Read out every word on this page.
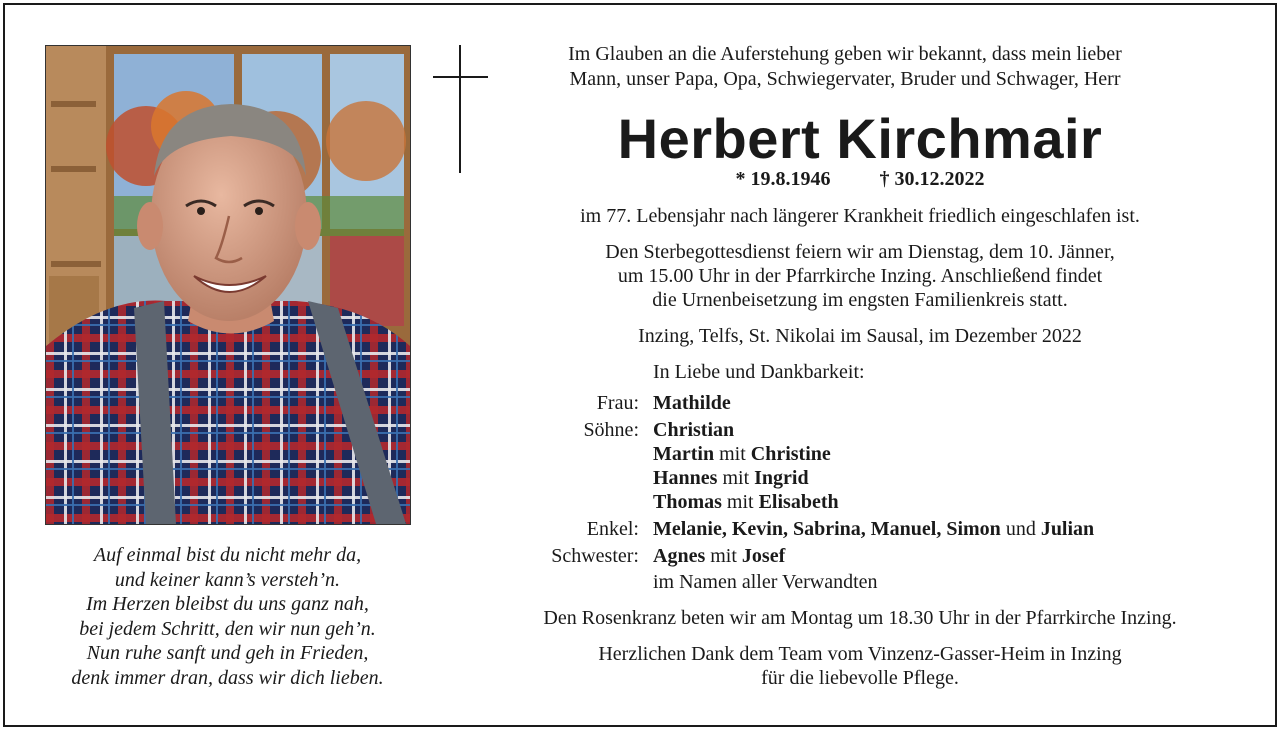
Auf einmal bist du nicht mehr da,
und keiner kann’s versteh’n.
Im Herzen bleibst du uns ganz nah,
bei jedem Schritt, den wir nun geh’n.
Nun ruhe sanft und geh in Frieden,
denk immer dran, dass wir dich lieben.
Im Glauben an die Auferstehung geben wir bekannt, dass mein lieber
Mann, unser Papa, Opa, Schwiegervater, Bruder und Schwager, Herr
Herbert Kirchmair
* 19.8.1946 † 30.12.2022
im 77. Lebensjahr nach längerer Krankheit friedlich eingeschlafen ist.
Den Sterbegottesdienst feiern wir am Dienstag, dem 10. Jänner,
um 15.00 Uhr in der Pfarrkirche Inzing. Anschließend findet
die Urnenbeisetzung im engsten Familienkreis statt.
Inzing, Telfs, St. Nikolai im Sausal, im Dezember 2022
In Liebe und Dankbarkeit:
Frau: Mathilde
Söhne: Christian
Martin mit Christine
Hannes mit Ingrid
Thomas mit Elisabeth
Enkel: Melanie, Kevin, Sabrina, Manuel, Simon und Julian
Schwester: Agnes mit Josef
im Namen aller Verwandten
Den Rosenkranz beten wir am Montag um 18.30 Uhr in der Pfarrkirche Inzing.
Herzlichen Dank dem Team vom Vinzenz-Gasser-Heim in Inzing
für die liebevolle Pflege.
